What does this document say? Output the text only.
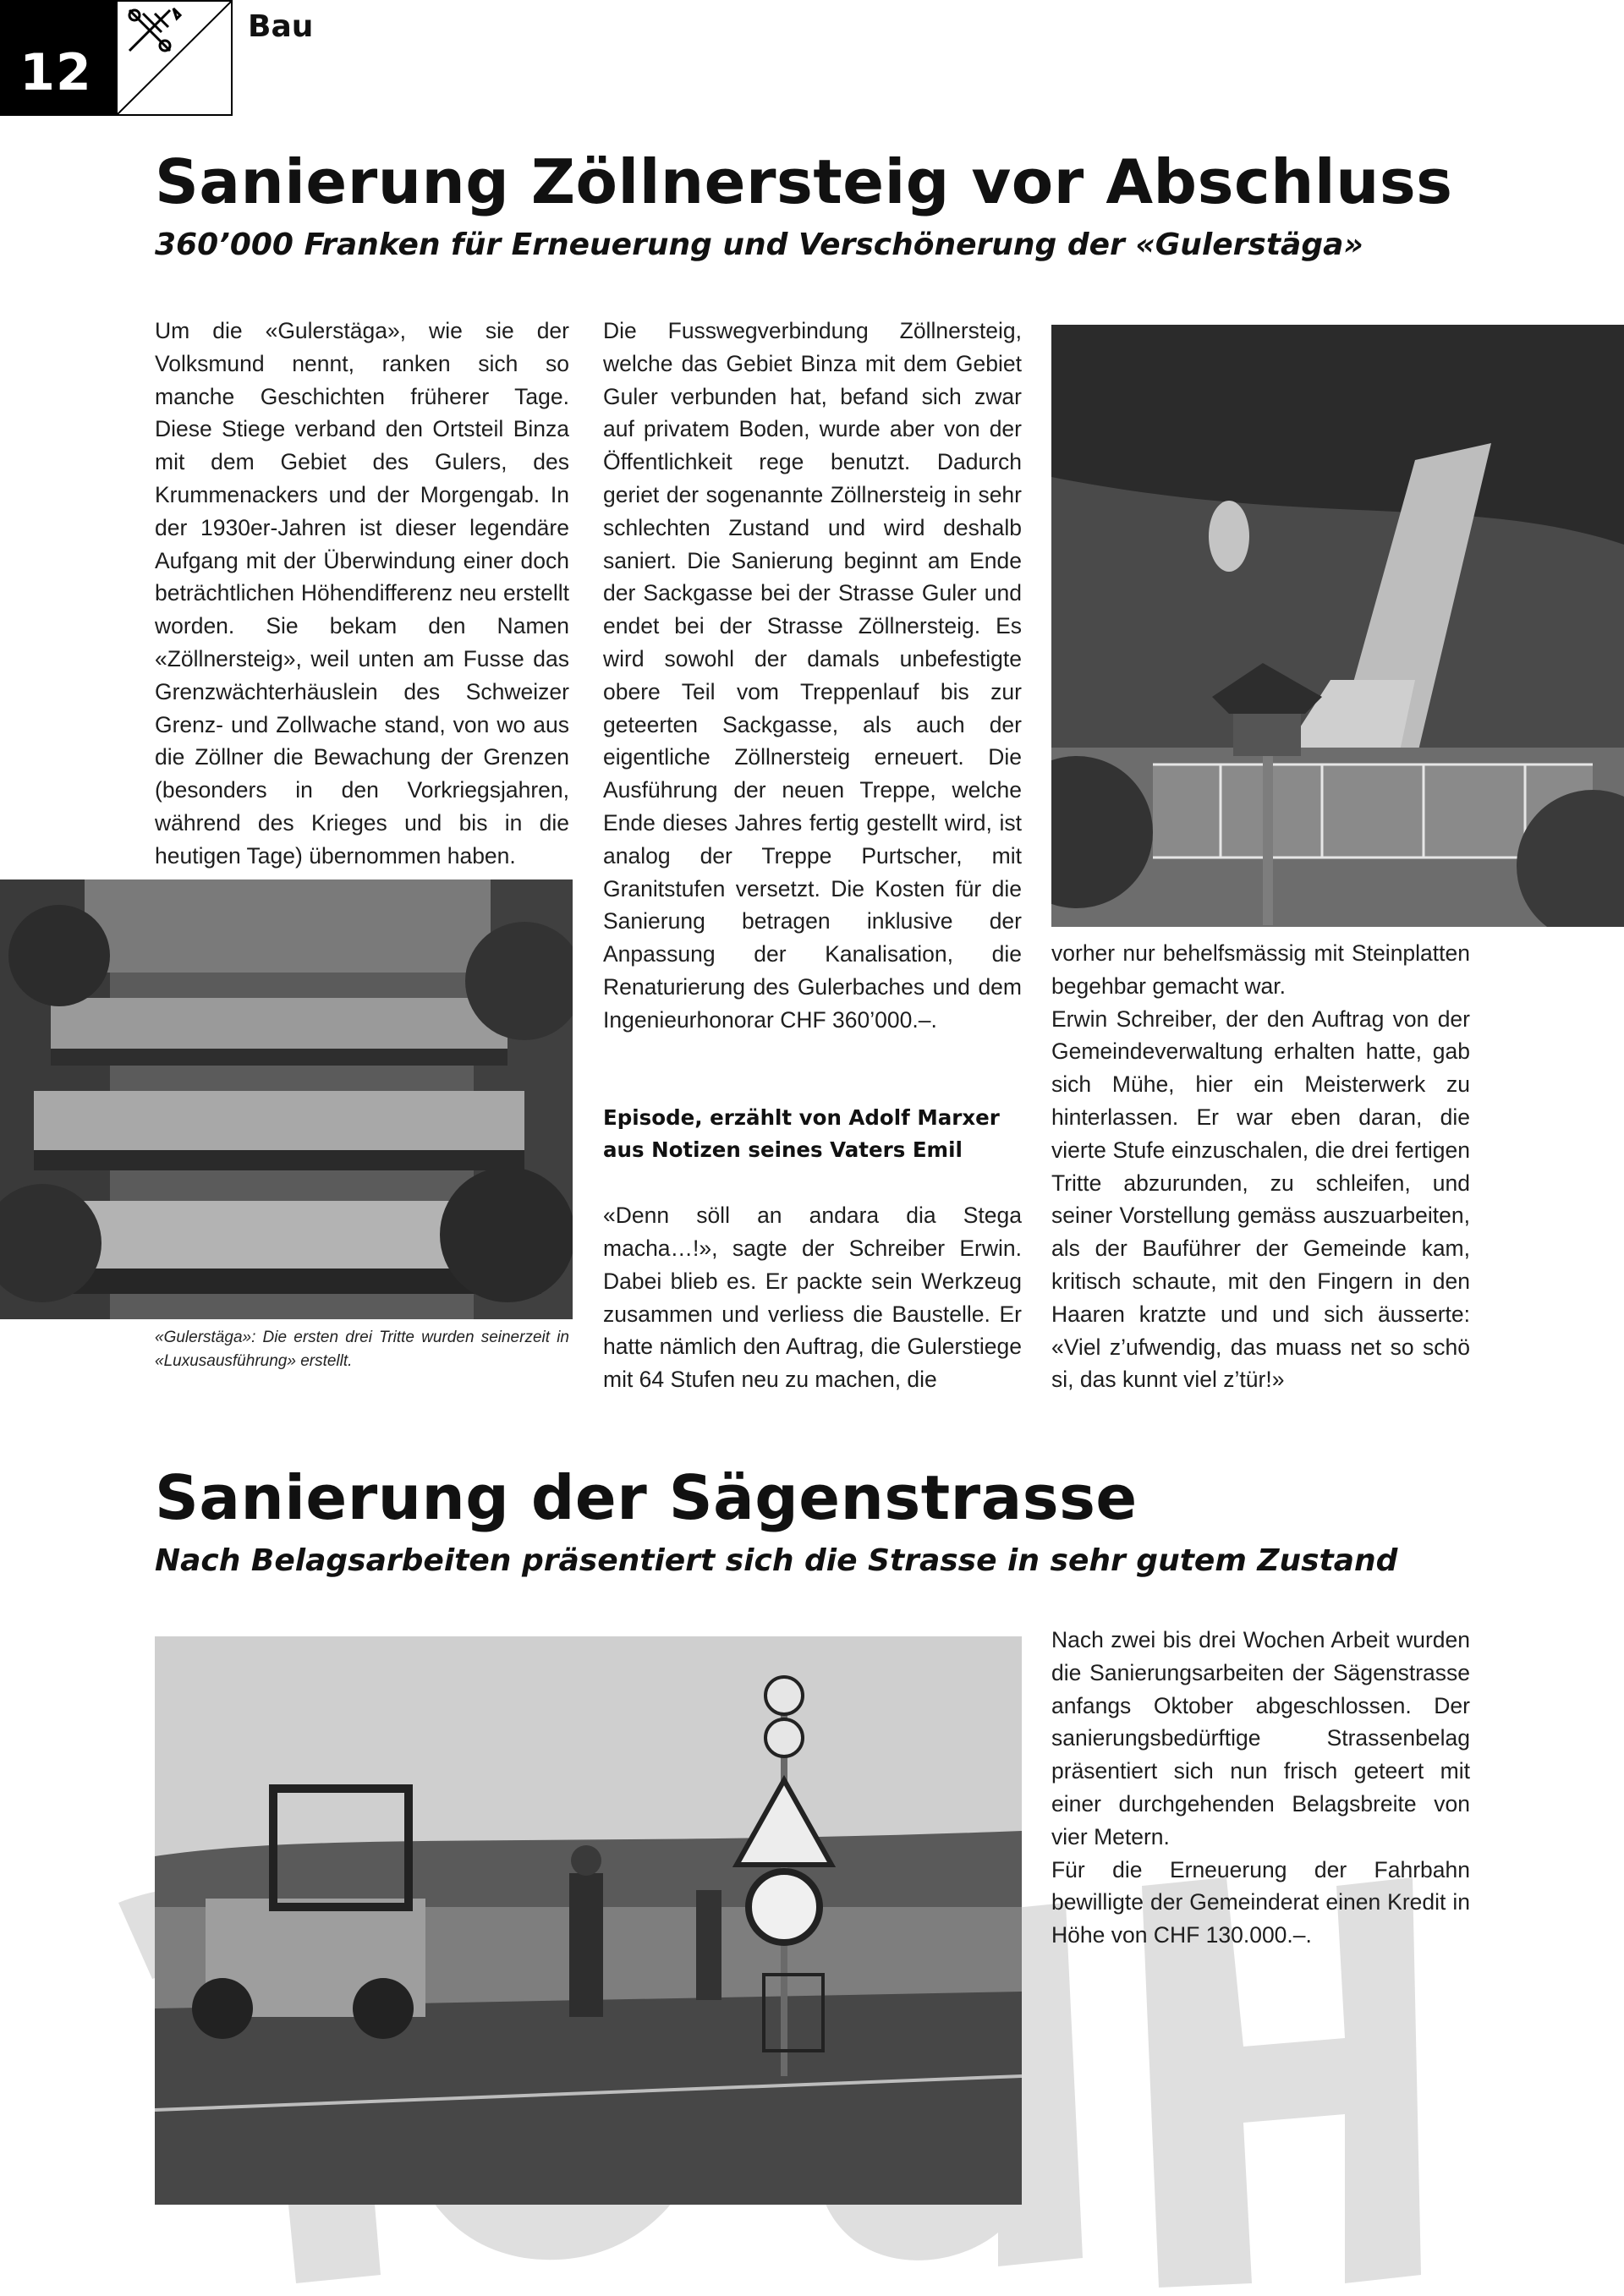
12
Bau
Sanierung Zöllnersteig vor Abschluss
360’000 Franken für Erneuerung und Verschönerung der «Gulerstäga»

Um die «Gulerstäga», wie sie der Volksmund nennt, ranken sich so manche Geschichten früherer Tage. Diese Stiege verband den Ortsteil Binza mit dem Gebiet des Gulers, des Krummenackers und der Morgengab. In der 1930er-Jahren ist dieser legendäre Aufgang mit der Überwindung einer doch beträchtlichen Höhendifferenz neu erstellt worden. Sie bekam den Namen «Zöllnersteig», weil unten am Fusse das Grenzwächterhäuslein des Schweizer Grenz- und Zollwache stand, von wo aus die Zöllner die Bewachung der Grenzen (besonders in den Vorkriegsjahren, während des Krieges und bis in die heutigen Tage) übernommen haben.

«Gulerstäga»: Die ersten drei Tritte wurden seinerzeit in «Luxusausführung» erstellt.

Die Fusswegverbindung Zöllnersteig, welche das Gebiet Binza mit dem Gebiet Guler verbunden hat, befand sich zwar auf privatem Boden, wurde aber von der Öffentlichkeit rege benutzt. Dadurch geriet der sogenannte Zöllnersteig in sehr schlechten Zustand und wird deshalb saniert. Die Sanierung beginnt am Ende der Sackgasse bei der Strasse Guler und endet bei der Strasse Zöllnersteig. Es wird sowohl der damals unbefestigte obere Teil vom Treppenlauf bis zur geteerten Sackgasse, als auch der eigentliche Zöllnersteig erneuert. Die Ausführung der neuen Treppe, welche Ende dieses Jahres fertig gestellt wird, ist analog der Treppe Purtscher, mit Granitstufen versetzt. Die Kosten für die Sanierung betragen inklusive der Anpassung der Kanalisation, die Renaturierung des Gulerbaches und dem Ingenieurhonorar CHF 360’000.–.

Episode, erzählt von Adolf Marxer

aus Notizen seines Vaters Emil

«Denn söll an andara dia Stega macha…!», sagte der Schreiber Erwin. Dabei blieb es. Er packte sein Werkzeug zusammen und verliess die Baustelle. Er hatte nämlich den Auftrag, die Gulerstiege mit 64 Stufen neu zu machen, die

vorher nur behelfsmässig mit Steinplatten begehbar gemacht war.

Erwin Schreiber, der den Auftrag von der Gemeindeverwaltung erhalten hatte, gab sich Mühe, hier ein Meisterwerk zu hinterlassen. Er war eben daran, die vierte Stufe einzuschalen, die drei fertigen Tritte abzurunden, zu schleifen, und seiner Vorstellung gemäss auszuarbeiten, als der Bauführer der Gemeinde kam, kritisch schaute, mit den Fingern in den Haaren kratzte und und sich äusserte: «Viel z’ufwendig, das muass net so schö si, das kunnt viel z’tür!»

Sanierung der Sägenstrasse
Nach Belagsarbeiten präsentiert sich die Strasse in sehr gutem Zustand

Nach zwei bis drei Wochen Arbeit wurden die Sanierungsarbeiten der Sägenstrasse anfangs Oktober abgeschlossen. Der sanierungsbedürftige Strassenbelag präsentiert sich nun frisch geteert mit einer durchgehenden Belagsbreite von vier Metern.

Für die Erneuerung der Fahrbahn bewilligte der Gemeinderat einen Kredit in Höhe von CHF 130.000.–.
